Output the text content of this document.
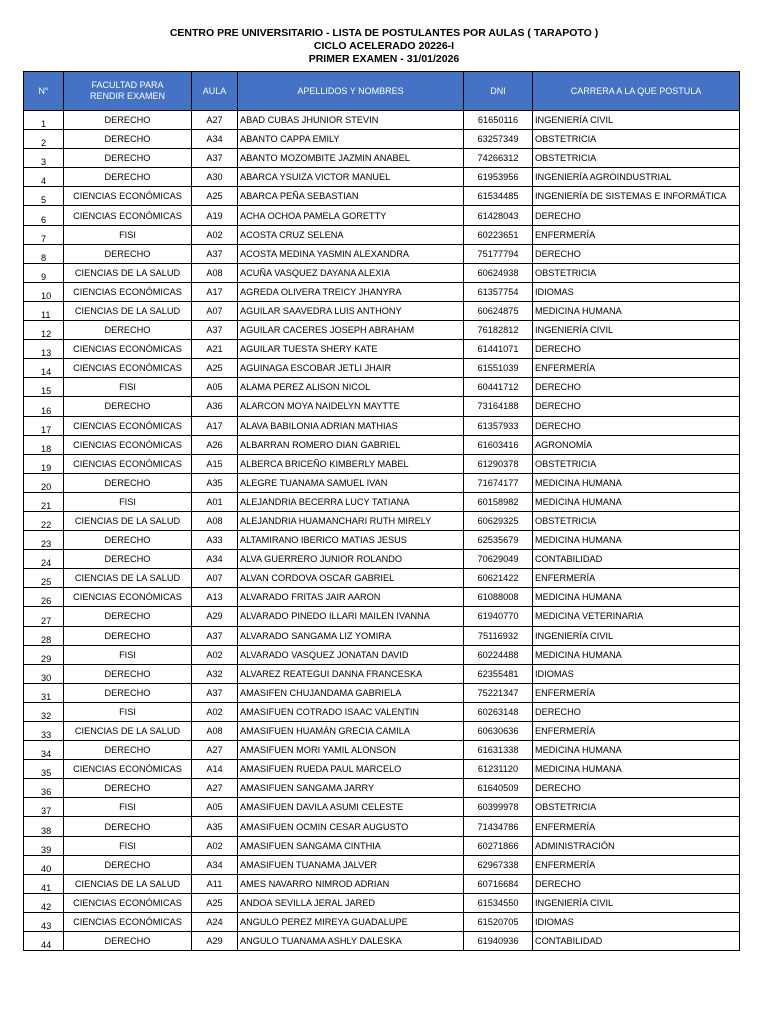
CENTRO PRE UNIVERSITARIO - LISTA DE POSTULANTES POR AULAS ( TARAPOTO )
CICLO ACELERADO 20226-I
PRIMER EXAMEN - 31/01/2026
N°	FACULTAD PARA RENDIR EXAMEN	AULA	APELLIDOS Y NOMBRES	DNI	CARRERA A LA QUE POSTULA
1	DERECHO	A27	ABAD CUBAS JHUNIOR STEVIN	61650116	INGENIERÍA CIVIL
2	DERECHO	A34	ABANTO CAPPA EMILY	63257349	OBSTETRICIA
3	DERECHO	A37	ABANTO MOZOMBITE JAZMIN ANABEL	74266312	OBSTETRICIA
4	DERECHO	A30	ABARCA YSUIZA VICTOR MANUEL	61953956	INGENIERÍA AGROINDUSTRIAL
5	CIENCIAS ECONÓMICAS	A25	ABARCA PEÑA SEBASTIAN	61534485	INGENIERÍA DE SISTEMAS E INFORMÁTICA
6	CIENCIAS ECONÓMICAS	A19	ACHA OCHOA PAMELA GORETTY	61428043	DERECHO
7	FISI	A02	ACOSTA CRUZ SELENA	60223651	ENFERMERÍA
8	DERECHO	A37	ACOSTA MEDINA YASMIN ALEXANDRA	75177794	DERECHO
9	CIENCIAS DE LA SALUD	A08	ACUÑA VASQUEZ DAYANA ALEXIA	60624938	OBSTETRICIA
10	CIENCIAS ECONÓMICAS	A17	AGREDA OLIVERA TREICY JHANYRA	61357754	IDIOMAS
11	CIENCIAS DE LA SALUD	A07	AGUILAR SAAVEDRA LUIS ANTHONY	60624875	MEDICINA HUMANA
12	DERECHO	A37	AGUILAR CACERES JOSEPH ABRAHAM	76182812	INGENIERÍA CIVIL
13	CIENCIAS ECONÓMICAS	A21	AGUILAR TUESTA SHERY KATE	61441071	DERECHO
14	CIENCIAS ECONÓMICAS	A25	AGUINAGA ESCOBAR JETLI JHAIR	61551039	ENFERMERÍA
15	FISI	A05	ALAMA PEREZ ALISON NICOL	60441712	DERECHO
16	DERECHO	A36	ALARCON MOYA NAIDELYN MAYTTE	73164188	DERECHO
17	CIENCIAS ECONÓMICAS	A17	ALAVA BABILONIA ADRIAN MATHIAS	61357933	DERECHO
18	CIENCIAS ECONÓMICAS	A26	ALBARRAN ROMERO DIAN GABRIEL	61603416	AGRONOMÍA
19	CIENCIAS ECONÓMICAS	A15	ALBERCA BRICEÑO KIMBERLY MABEL	61290378	OBSTETRICIA
20	DERECHO	A35	ALEGRE TUANAMA SAMUEL IVAN	71674177	MEDICINA HUMANA
21	FISI	A01	ALEJANDRIA BECERRA LUCY TATIANA	60158982	MEDICINA HUMANA
22	CIENCIAS DE LA SALUD	A08	ALEJANDRIA HUAMANCHARI RUTH MIRELY	60629325	OBSTETRICIA
23	DERECHO	A33	ALTAMIRANO IBERICO MATIAS JESUS	62535679	MEDICINA HUMANA
24	DERECHO	A34	ALVA GUERRERO JUNIOR ROLANDO	70629049	CONTABILIDAD
25	CIENCIAS DE LA SALUD	A07	ALVAN CORDOVA OSCAR GABRIEL	60621422	ENFERMERÍA
26	CIENCIAS ECONÓMICAS	A13	ALVARADO FRITAS JAIR AARON	61088008	MEDICINA HUMANA
27	DERECHO	A29	ALVARADO PINEDO ILLARI MAILEN IVANNA	61940770	MEDICINA VETERINARIA
28	DERECHO	A37	ALVARADO SANGAMA LIZ YOMIRA	75116932	INGENIERÍA CIVIL
29	FISI	A02	ALVARADO VASQUEZ JONATAN DAVID	60224488	MEDICINA HUMANA
30	DERECHO	A32	ALVAREZ REATEGUI DANNA FRANCESKA	62355481	IDIOMAS
31	DERECHO	A37	AMASIFEN CHUJANDAMA GABRIELA	75221347	ENFERMERÍA
32	FISI	A02	AMASIFUEN COTRADO ISAAC VALENTIN	60263148	DERECHO
33	CIENCIAS DE LA SALUD	A08	AMASIFUEN HUAMÁN GRECIA CAMILA	60630636	ENFERMERÍA
34	DERECHO	A27	AMASIFUEN MORI YAMIL ALONSON	61631338	MEDICINA HUMANA
35	CIENCIAS ECONÓMICAS	A14	AMASIFUEN RUEDA PAUL MARCELO	61231120	MEDICINA HUMANA
36	DERECHO	A27	AMASIFUEN SANGAMA JARRY	61640509	DERECHO
37	FISI	A05	AMASIFUEN DAVILA ASUMI CELESTE	60399978	OBSTETRICIA
38	DERECHO	A35	AMASIFUEN OCMIN CESAR AUGUSTO	71434786	ENFERMERÍA
39	FISI	A02	AMASIFUEN SANGAMA CINTHIA	60271866	ADMINISTRACIÓN
40	DERECHO	A34	AMASIFUEN TUANAMA JALVER	62967338	ENFERMERÍA
41	CIENCIAS DE LA SALUD	A11	AMES NAVARRO NIMROD ADRIAN	60716684	DERECHO
42	CIENCIAS ECONÓMICAS	A25	ANDOA SEVILLA JERAL JARED	61534550	INGENIERÍA CIVIL
43	CIENCIAS ECONÓMICAS	A24	ANGULO PEREZ MIREYA GUADALUPE	61520705	IDIOMAS
44	DERECHO	A29	ANGULO TUANAMA ASHLY DALESKA	61940936	CONTABILIDAD
